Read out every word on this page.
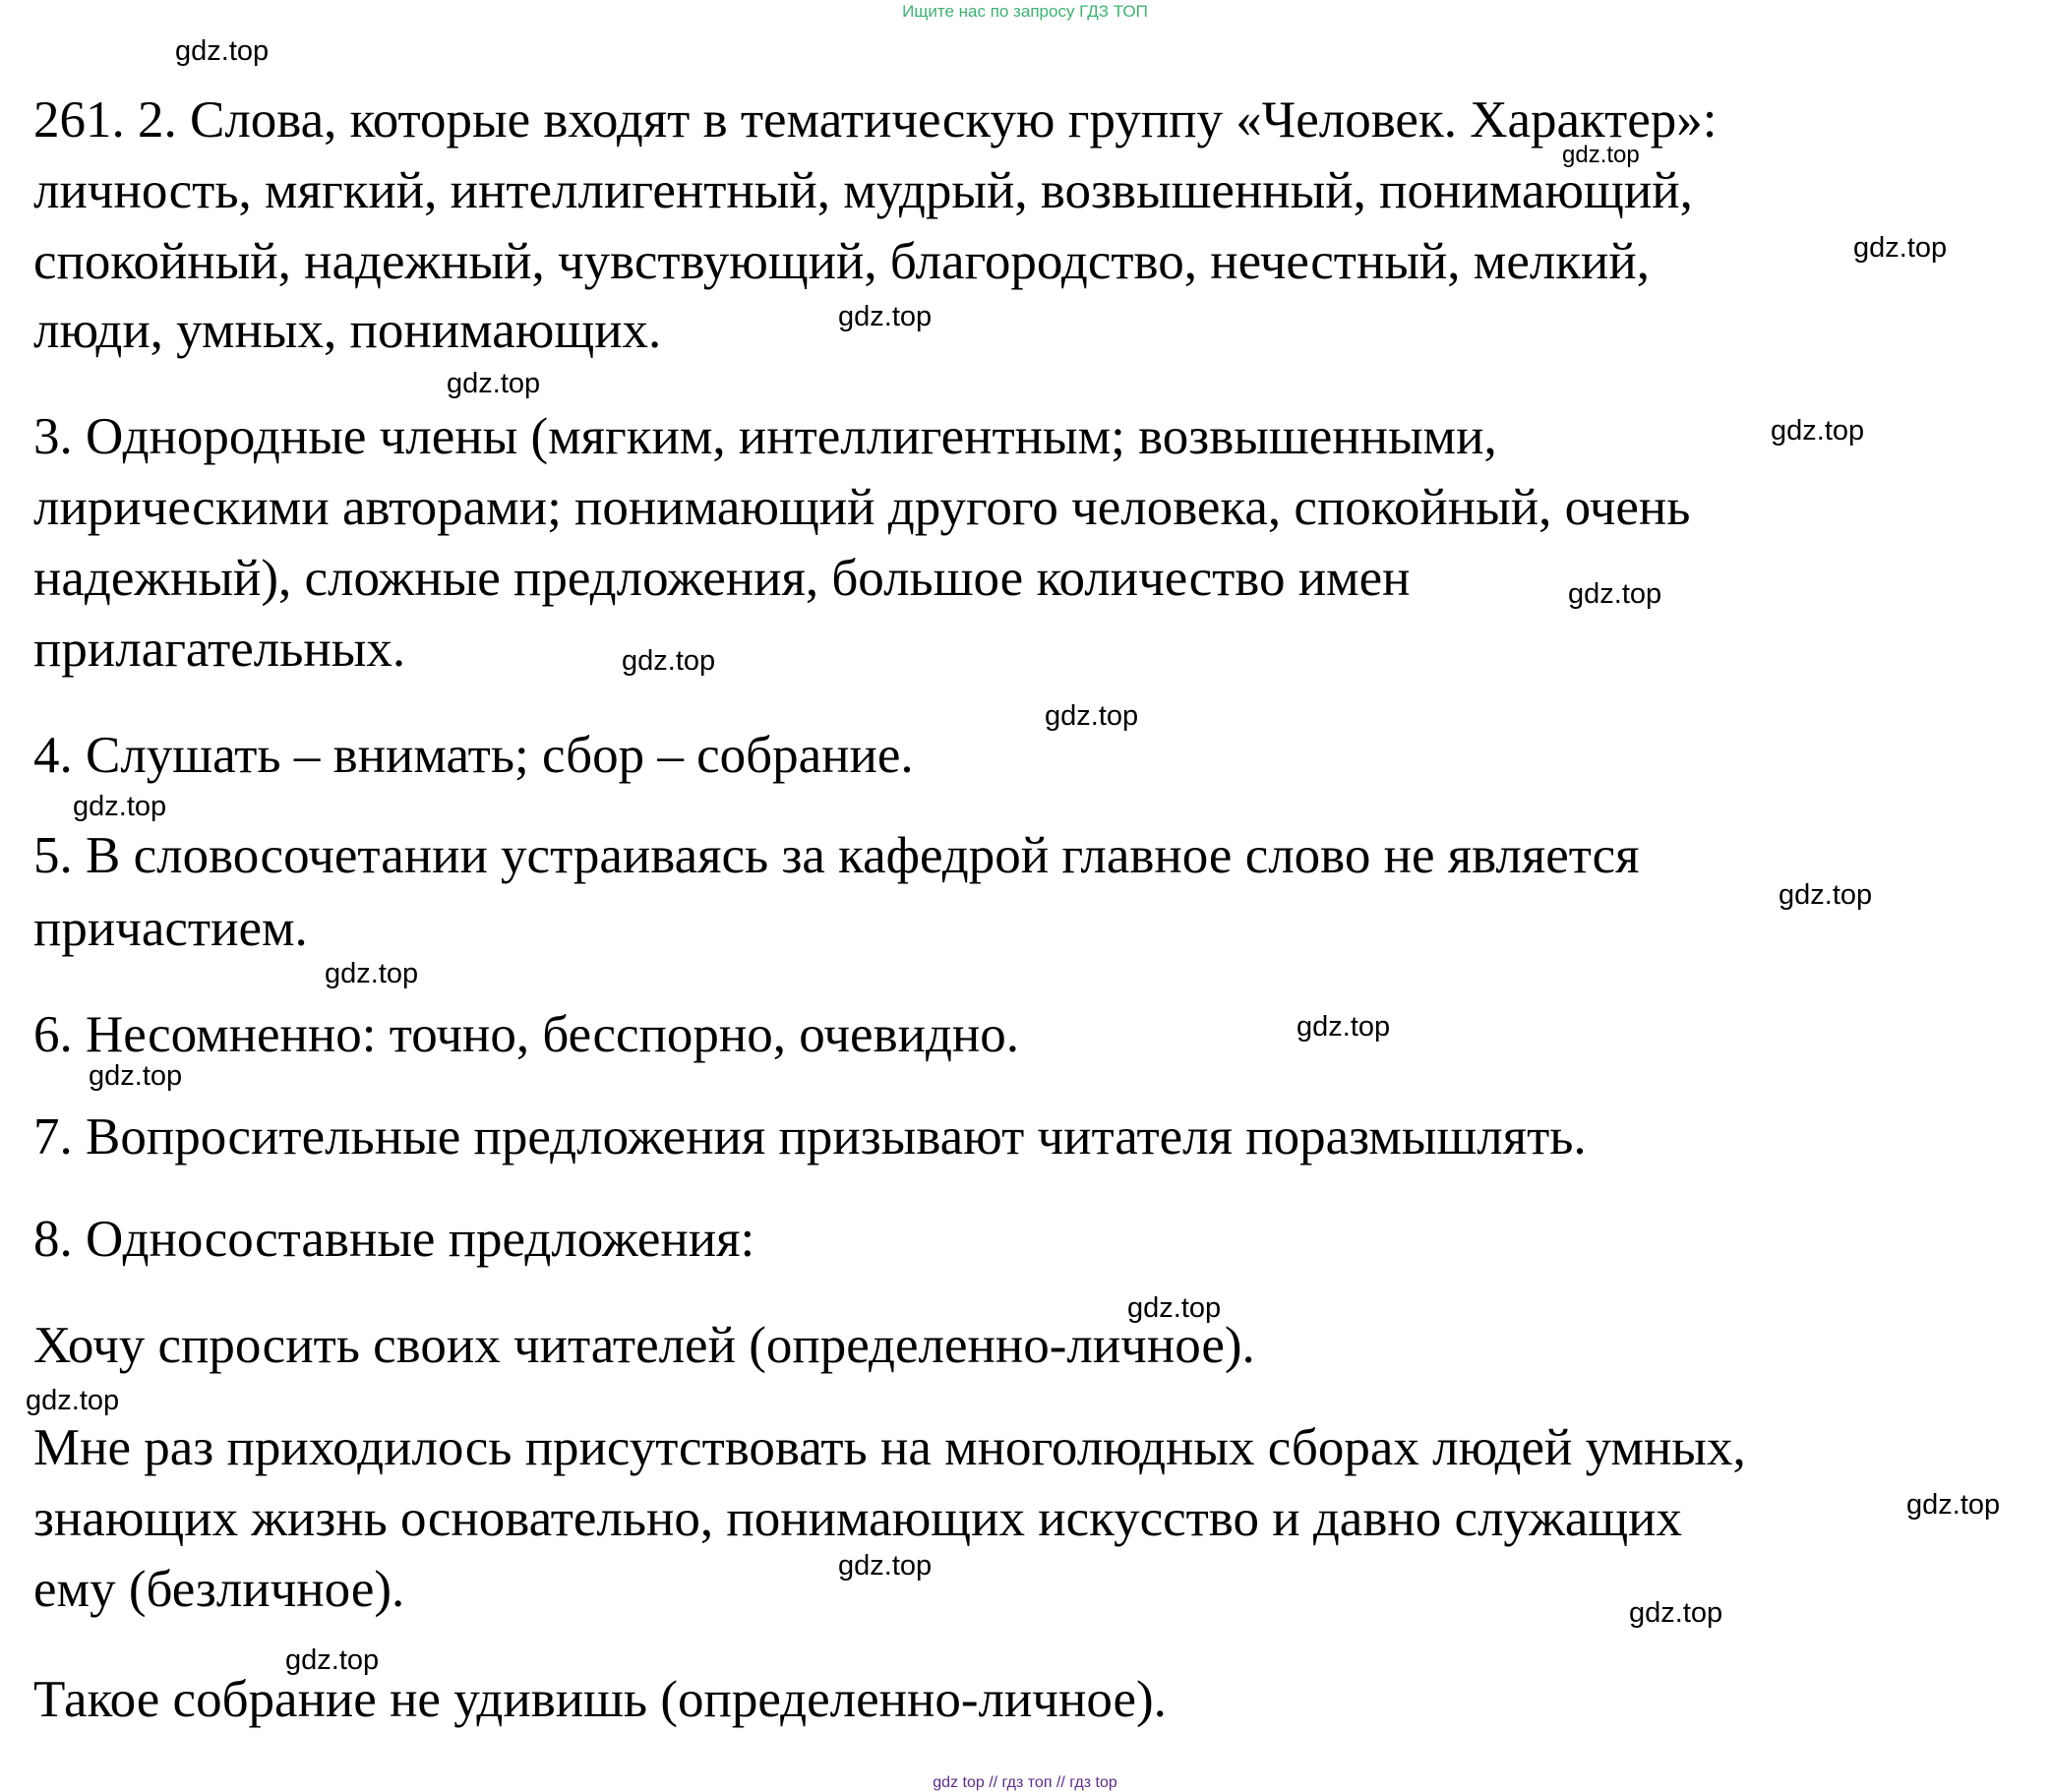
Ищите нас по запросу ГДЗ ТОП
261. 2. Слова, которые входят в тематическую группу «Человек. Характер»:
личность, мягкий, интеллигентный, мудрый, возвышенный, понимающий,
спокойный, надежный, чувствующий, благородство, нечестный, мелкий,
люди, умных, понимающих.
3. Однородные члены (мягким, интеллигентным; возвышенными,
лирическими авторами; понимающий другого человека, спокойный, очень
надежный), сложные предложения, большое количество имен
прилагательных.
4. Слушать – внимать; сбор – собрание.
5. В словосочетании устраиваясь за кафедрой главное слово не является
причастием.
6. Несомненно: точно, бесспорно, очевидно.
7. Вопросительные предложения призывают читателя поразмышлять.
8. Односоставные предложения:
Хочу спросить своих читателей (определенно-личное).
Мне раз приходилось присутствовать на многолюдных сборах людей умных,
знающих жизнь основательно, понимающих искусство и давно служащих
ему (безличное).
Такое собрание не удивишь (определенно-личное).
gdz.top
gdz.top
gdz.top
gdz.top
gdz.top
gdz.top
gdz.top
gdz.top
gdz.top
gdz.top
gdz.top
gdz.top
gdz.top
gdz.top
gdz.top
gdz.top
gdz.top
gdz.top
gdz.top
gdz.top
gdz top // гдз топ // гдз top
